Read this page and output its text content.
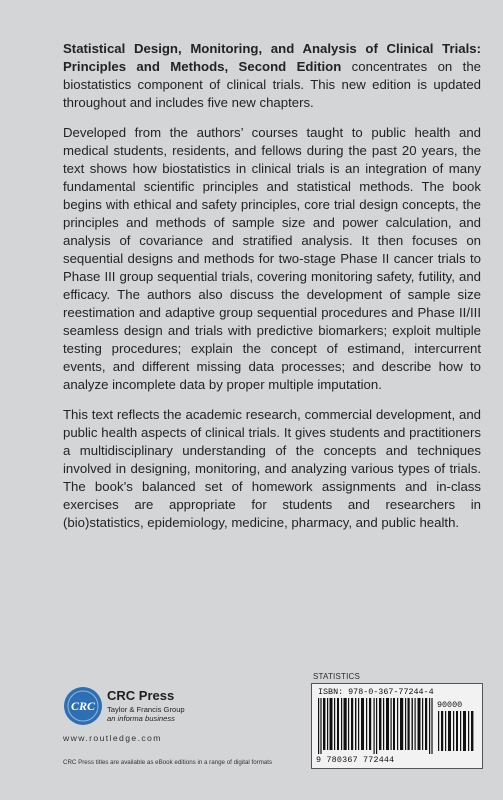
Statistical Design, Monitoring, and Analysis of Clinical Trials: Principles and Methods, Second Edition concentrates on the biostatistics component of clinical trials. This new edition is updated throughout and includes five new chapters.

Developed from the authors’ courses taught to public health and medical students, residents, and fellows during the past 20 years, the text shows how biostatistics in clinical trials is an integration of many fundamental scientific principles and statistical methods. The book begins with ethical and safety principles, core trial design concepts, the principles and methods of sample size and power calculation, and analysis of covariance and stratified analysis. It then focuses on sequential designs and methods for two-stage Phase II cancer trials to Phase III group sequential trials, covering monitoring safety, futility, and efficacy. The authors also discuss the development of sample size reestimation and adaptive group sequential procedures and Phase II/III seamless design and trials with predictive biomarkers; exploit multiple testing procedures; explain the concept of estimand, intercurrent events, and different missing data processes; and describe how to analyze incomplete data by proper multiple imputation.

This text reflects the academic research, commercial development, and public health aspects of clinical trials. It gives students and practitioners a multidisciplinary understanding of the concepts and techniques involved in designing, monitoring, and analyzing various types of trials. The book’s balanced set of homework assignments and in-class exercises are appropriate for students and researchers in (bio)statistics, epidemiology, medicine, pharmacy, and public health.

STATISTICS
ISBN: 978-0-367-77244-4
90000
9 780367 772444
CRC
CRC Press
Taylor & Francis Group
an informa business
www.routledge.com
CRC Press titles are available as eBook editions in a range of digital formats
